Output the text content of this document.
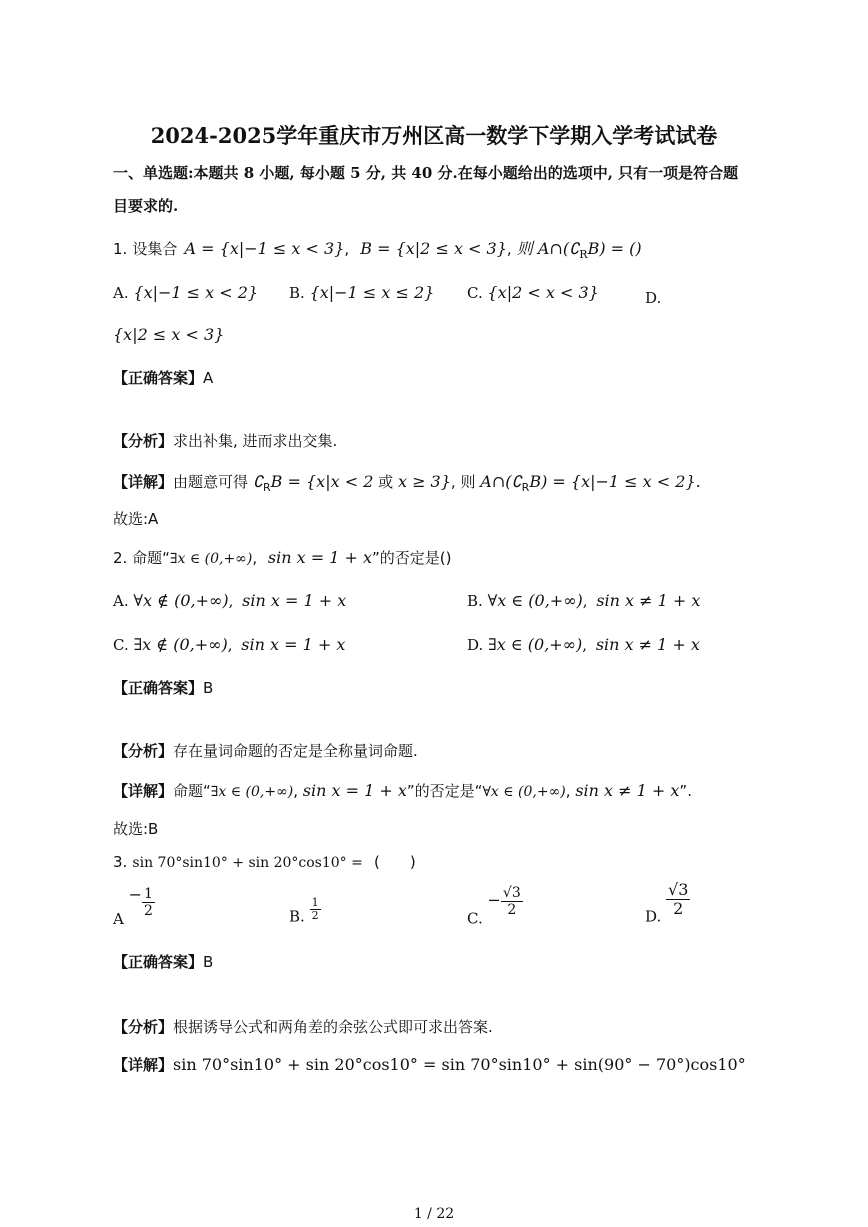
2024-2025学年重庆市万州区高一数学下学期入学考试试卷
一、单选题:本题共 8 小题, 每小题 5 分, 共 40 分.在每小题给出的选项中, 只有一项是符合题
目要求的.
1. 设集合 A = {x|−1 ≤ x < 3}, B = {x|2 ≤ x < 3}, 则 $A\cap(∁_RB)$ = ()
A. {x|−1 ≤ x < 2} B. {x|−1 ≤ x ≤ 2} C. {x|2 < x < 3}	D.
{x|2 ≤ x < 3}
【正确答案】A
【分析】求出补集, 进而求出交集.
【详解】由题意可得 $∁_RB = \{x|x < 2$ 或 x ≥ 3}, 则 $A\cap(∁_RB) = \{x|-1 \le x < 2\}$.
故选:A
2. 命题“∃x ∈ (0,+∞), sin x = 1 + x”的否定是()
A. ∀x ∉ (0,+∞), sin x = 1 + x	B. ∀x ∈ (0,+∞), sin x ≠ 1 + x
C. ∃x ∉ (0,+∞), sin x = 1 + x	D. ∃x ∈ (0,+∞), sin x ≠ 1 + x
【正确答案】B
【分析】存在量词命题的否定是全称量词命题.
【详解】命题“∃x ∈ (0,+∞), sin x = 1 + x”的否定是“∀x ∈ (0,+∞), sin x ≠ 1 + x”.
故选:B
3. sin 70°sin10° + sin 20°cos10° = (　　)
$A - \frac{1}{2}$	B. $\frac{1}{2}$	C. − $\frac{√3}{2}$	D. $\frac{√3}{2}$
【正确答案】B
【分析】根据诱导公式和两角差的余弦公式即可求出答案.
【详解】sin 70°sin10° + sin 20°cos10° = sin 70°sin10° + sin(90° − 70°)cos10°
1 / 22
